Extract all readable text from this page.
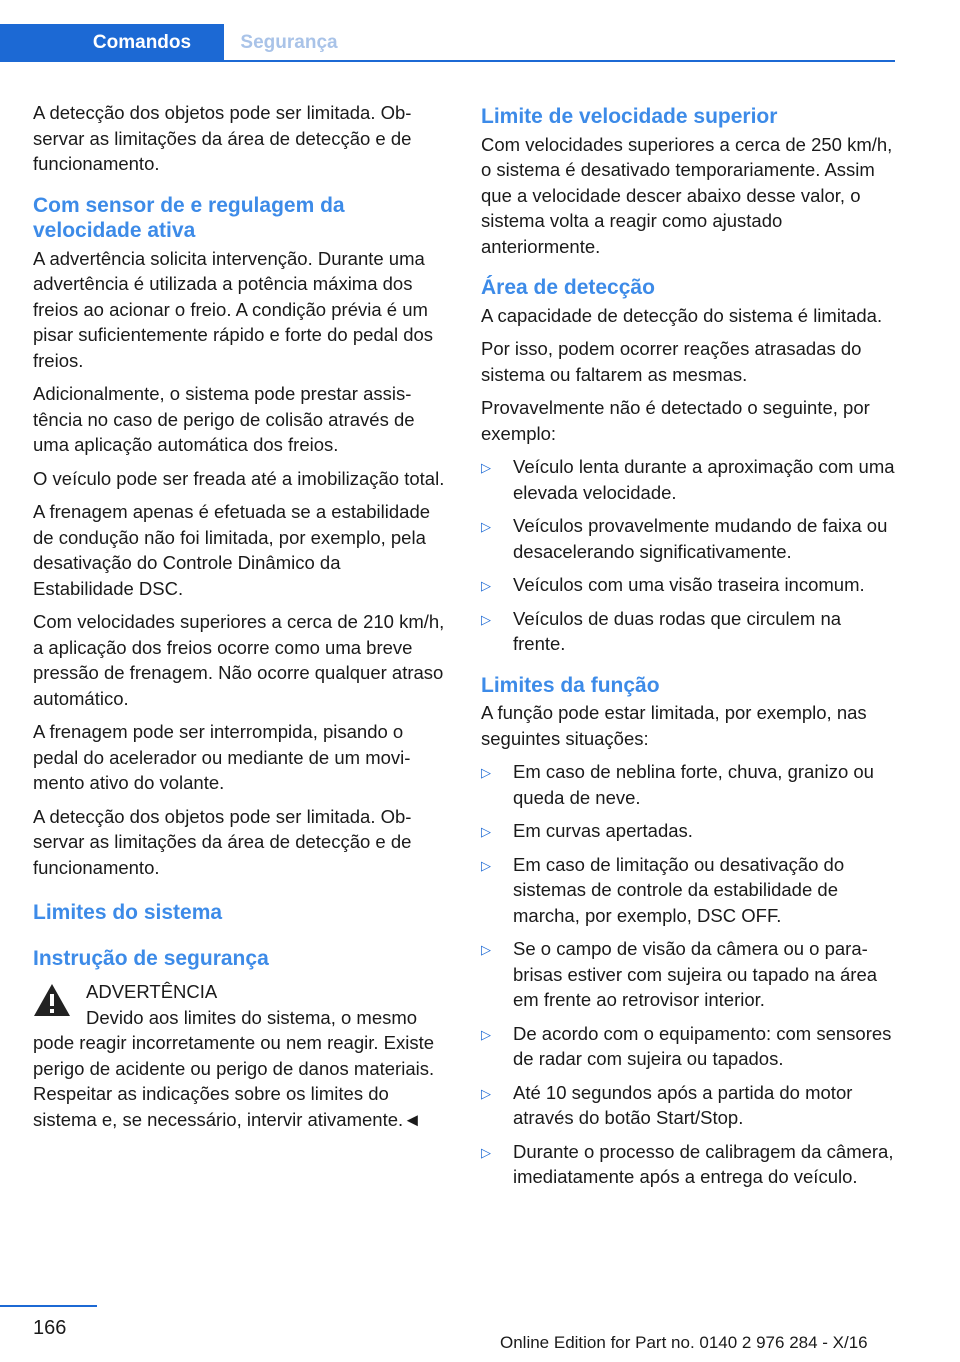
Comandos	Segurança

A detecção dos objetos pode ser limitada. Observar as limitações da área de detecção e de funcionamento.

Com sensor de e regulagem da velocidade ativa

A advertência solicita intervenção. Durante uma advertência é utilizada a potência máxima dos freios ao acionar o freio. A condição prévia é um pisar suficientemente rápido e forte do pedal dos freios.

Adicionalmente, o sistema pode prestar assistência no caso de perigo de colisão através de uma aplicação automática dos freios.

O veículo pode ser freada até a imobilização total.

A frenagem apenas é efetuada se a estabilidade de condução não foi limitada, por exemplo, pela desativação do Controle Dinâmico da Estabilidade DSC.

Com velocidades superiores a cerca de 210 km/h, a aplicação dos freios ocorre como uma breve pressão de frenagem. Não ocorre qualquer atraso automático.

A frenagem pode ser interrompida, pisando o pedal do acelerador ou mediante de um movimento ativo do volante.

A detecção dos objetos pode ser limitada. Observar as limitações da área de detecção e de funcionamento.

Limites do sistema
Instrução de segurança

ADVERTÊNCIA

Devido aos limites do sistema, o mesmo

pode reagir incorretamente ou nem reagir. Existe perigo de acidente ou perigo de danos materiais. Respeitar as indicações sobre os limites do sistema e, se necessário, intervir ativamente.◄

Limite de velocidade superior

Com velocidades superiores a cerca de 250 km/h, o sistema é desativado temporariamente. Assim que a velocidade descer abaixo desse valor, o sistema volta a reagir como ajustado anteriormente.

Área de detecção

A capacidade de detecção do sistema é limitada.

Por isso, podem ocorrer reações atrasadas do sistema ou faltarem as mesmas.

Provavelmente não é detectado o seguinte, por exemplo:

▷ Veículo lenta durante a aproximação com uma elevada velocidade.
▷ Veículos provavelmente mudando de faixa ou desacelerando significativamente.
▷ Veículos com uma visão traseira incomum.
▷ Veículos de duas rodas que circulem na frente.
Limites da função

A função pode estar limitada, por exemplo, nas seguintes situações:

▷ Em caso de neblina forte, chuva, granizo ou queda de neve.
▷ Em curvas apertadas.
▷ Em caso de limitação ou desativação do sistemas de controle da estabilidade de marcha, por exemplo, DSC OFF.
▷ Se o campo de visão da câmera ou o para-brisas estiver com sujeira ou tapado na área em frente ao retrovisor interior.
▷ De acordo com o equipamento: com sensores de radar com sujeira ou tapados.
▷ Até 10 segundos após a partida do motor através do botão Start/Stop.
▷ Durante o processo de calibragem da câmera, imediatamente após a entrega do veículo.
166
Online Edition for Part no. 0140 2 976 284 - X/16
